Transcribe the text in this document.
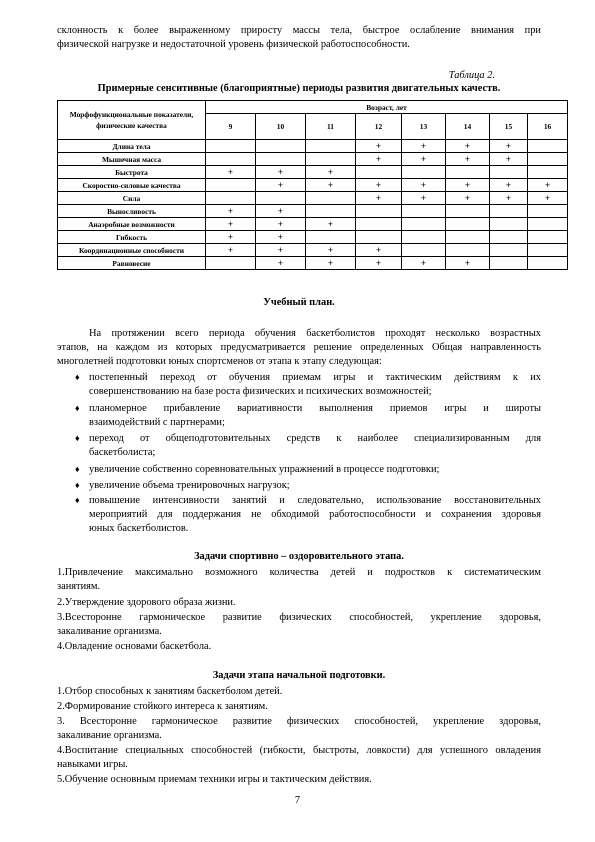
склонность к более выраженному приросту массы тела, быстрое ослабление внимания при
физической нагрузке и недостаточной уровень физической работоспособности.
Таблица 2.
Примерные сенситивные (благоприятные) периоды развития двигательных качеств.
Морфофункциональные показатели, физические качества	Возраст, лет							
	9	10	11	12	13	14	15	16
Длина тела				+	+	+	+	
Мышечная масса				+	+	+	+	
Быстрота	+	+	+					
Скоростно-силовые качества		+	+	+	+	+	+	+
Сила				+	+	+	+	+
Выносливость	+	+						
Анаэробные возможности	+	+	+					
Гибкость	+	+						
Координационные способности	+	+	+	+				
Равновесие		+	+	+	+	+		
Учебный план.
На протяжении всего периода обучения баскетболистов проходят несколько возрастных
этапов, на каждом из которых предусматривается решение определенных Общая направленность
многолетней подготовки юных спортсменов от этапа к этапу следующая:
♦ постепенный переход от обучения приемам игры и тактическим действиям к их
совершенствованию на базе роста физических и психических возможностей;
♦ планомерное прибавление вариативности выполнения приемов игры и широты
взаимодействий с партнерами;
♦ переход от общеподготовительных средств к наиболее специализированным для
баскетболиста;
♦ увеличение собственно соревновательных упражнений в процессе подготовки;
♦ увеличение объема тренировочных нагрузок;
♦ повышение интенсивности занятий и следовательно, использование восстановительных
мероприятий для поддержания не обходимой работоспособности и сохранения здоровья
юных баскетболистов.
Задачи спортивно – оздоровительного этапа.
1.Привлечение максимально возможного количества детей и подростков к систематическим
занятиям.
2.Утверждение здорового образа жизни.
3.Всесторонне гармоническое развитие физических способностей, укрепление здоровья,
закаливание организма.
4.Овладение основами баскетбола.
Задачи этапа начальной подготовки.
1.Отбор способных к занятиям баскетболом детей.
2.Формирование стойкого интереса к занятиям.
3. Всесторонне гармоническое развитие физических способностей, укрепление здоровья,
закаливание организма.
4.Воспитание специальных способностей (гибкости, быстроты, ловкости) для успешного овладения
навыками игры.
5.Обучение основным приемам техники игры и тактическим действия.
7
